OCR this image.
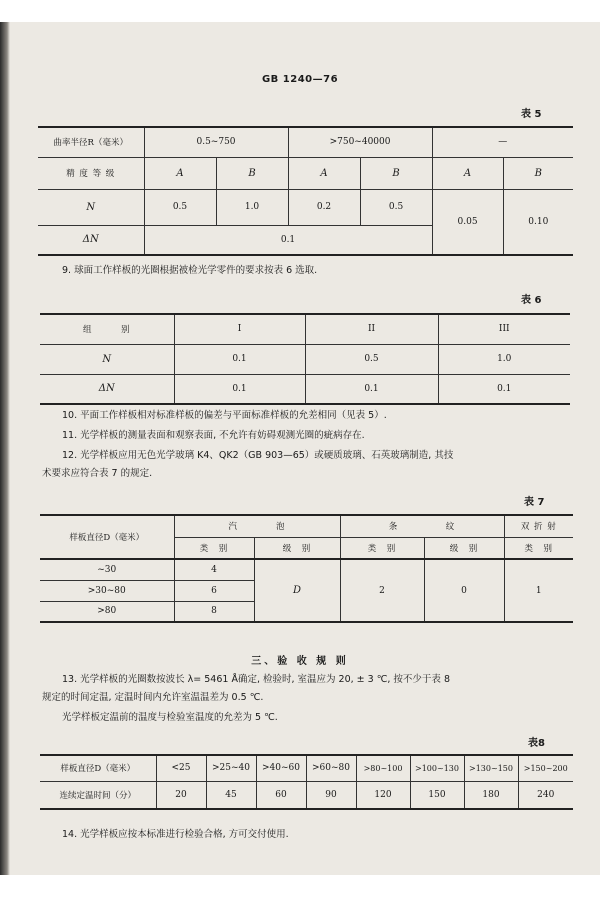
GB 1240—76
表 5
曲率半径R（毫米）	0.5~750		>750~40000		—	
精 度 等 级	A	B	A	B	A	B
N	0.5	1.0	0.2	0.5	0.05	0.10
ΔN	0.1					
9. 球面工作样板的光圈根据被检光学零件的要求按表 6 选取.
表 6
组　　　别	I	II	III
N	0.1	0.5	1.0
ΔN	0.1	0.1	0.1
10. 平面工作样板相对标准样板的偏差与平面标准样板的允差相同（见表 5）.
11. 光学样板的测量表面和观察表面, 不允许有妨碍观测光圈的疵病存在.
12. 光学样板应用无色光学玻璃 K4、QK2（GB 903—65）或硬质玻璃、石英玻璃制造, 其技
术要求应符合表 7 的规定.
表 7
样板直径D（毫米）	汽　　　　泡		条　　　　　纹		双 折 射
	类　别	级　别	类　别	级　别	类　别
~30	4	D	2	0	1
>30~80	6				
>80	8				
三、验 收 规 则
13. 光学样板的光圈数按波长 λ= 5461 Å确定, 检验时, 室温应为 20, ± 3 ℃, 按不少于表 8
规定的时间定温, 定温时间内允许室温温差为 0.5 ℃.
光学样板定温前的温度与检验室温度的允差为 5 ℃.
表8
样板直径D（毫米）	<25	>25~40	>40~60	>60~80	>80~100	>100~130	>130~150	>150~200
连续定温时间（分）	20	45	60	90	120	150	180	240
14. 光学样板应按本标准进行检验合格, 方可交付使用.
